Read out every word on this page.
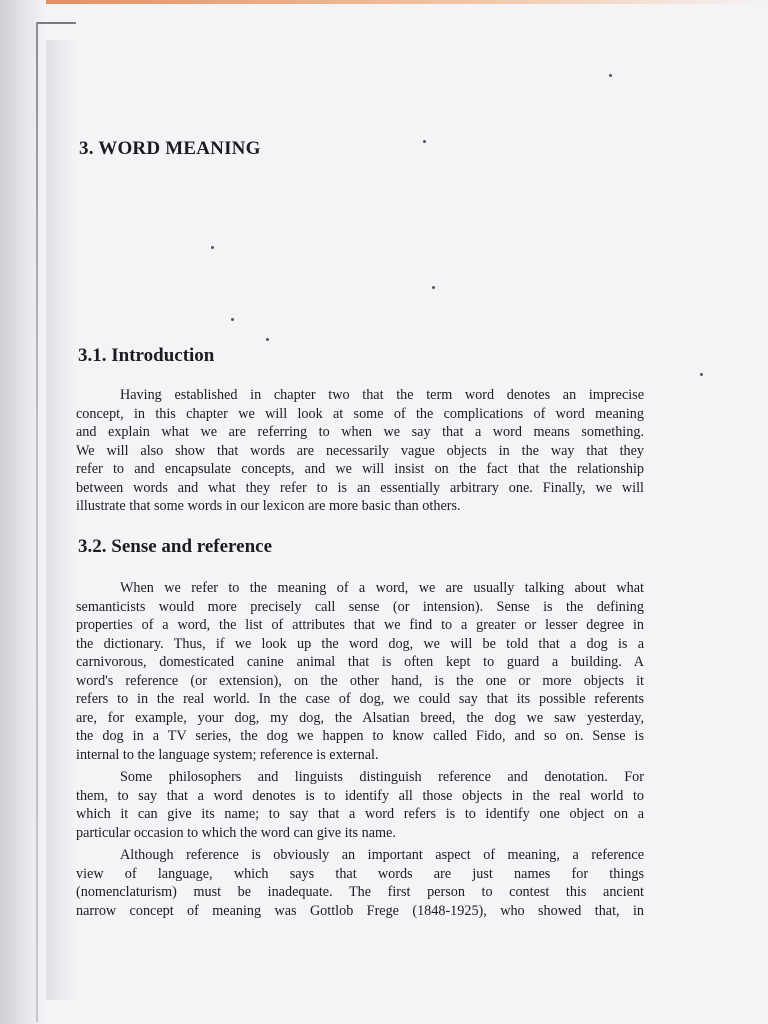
3. WORD MEANING
3.1. Introduction

Having established in chapter two that the term word denotes an imprecise
concept, in this chapter we will look at some of the complications of word meaning
and explain what we are referring to when we say that a word means something.
We will also show that words are necessarily vague objects in the way that they
refer to and encapsulate concepts, and we will insist on the fact that the relationship
between words and what they refer to is an essentially arbitrary one. Finally, we will
illustrate that some words in our lexicon are more basic than others.

3.2. Sense and reference

When we refer to the meaning of a word, we are usually talking about what
semanticists would more precisely call sense (or intension). Sense is the defining
properties of a word, the list of attributes that we find to a greater or lesser degree in
the dictionary. Thus, if we look up the word dog, we will be told that a dog is a
carnivorous, domesticated canine animal that is often kept to guard a building. A
word's reference (or extension), on the other hand, is the one or more objects it
refers to in the real world. In the case of dog, we could say that its possible referents
are, for example, your dog, my dog, the Alsatian breed, the dog we saw yesterday,
the dog in a TV series, the dog we happen to know called Fido, and so on. Sense is
internal to the language system; reference is external.

Some philosophers and linguists distinguish reference and denotation. For
them, to say that a word denotes is to identify all those objects in the real world to
which it can give its name; to say that a word refers is to identify one object on a
particular occasion to which the word can give its name.

Although reference is obviously an important aspect of meaning, a reference
view of language, which says that words are just names for things
(nomenclaturism) must be inadequate. The first person to contest this ancient
narrow concept of meaning was Gottlob Frege (1848-1925), who showed that, in
